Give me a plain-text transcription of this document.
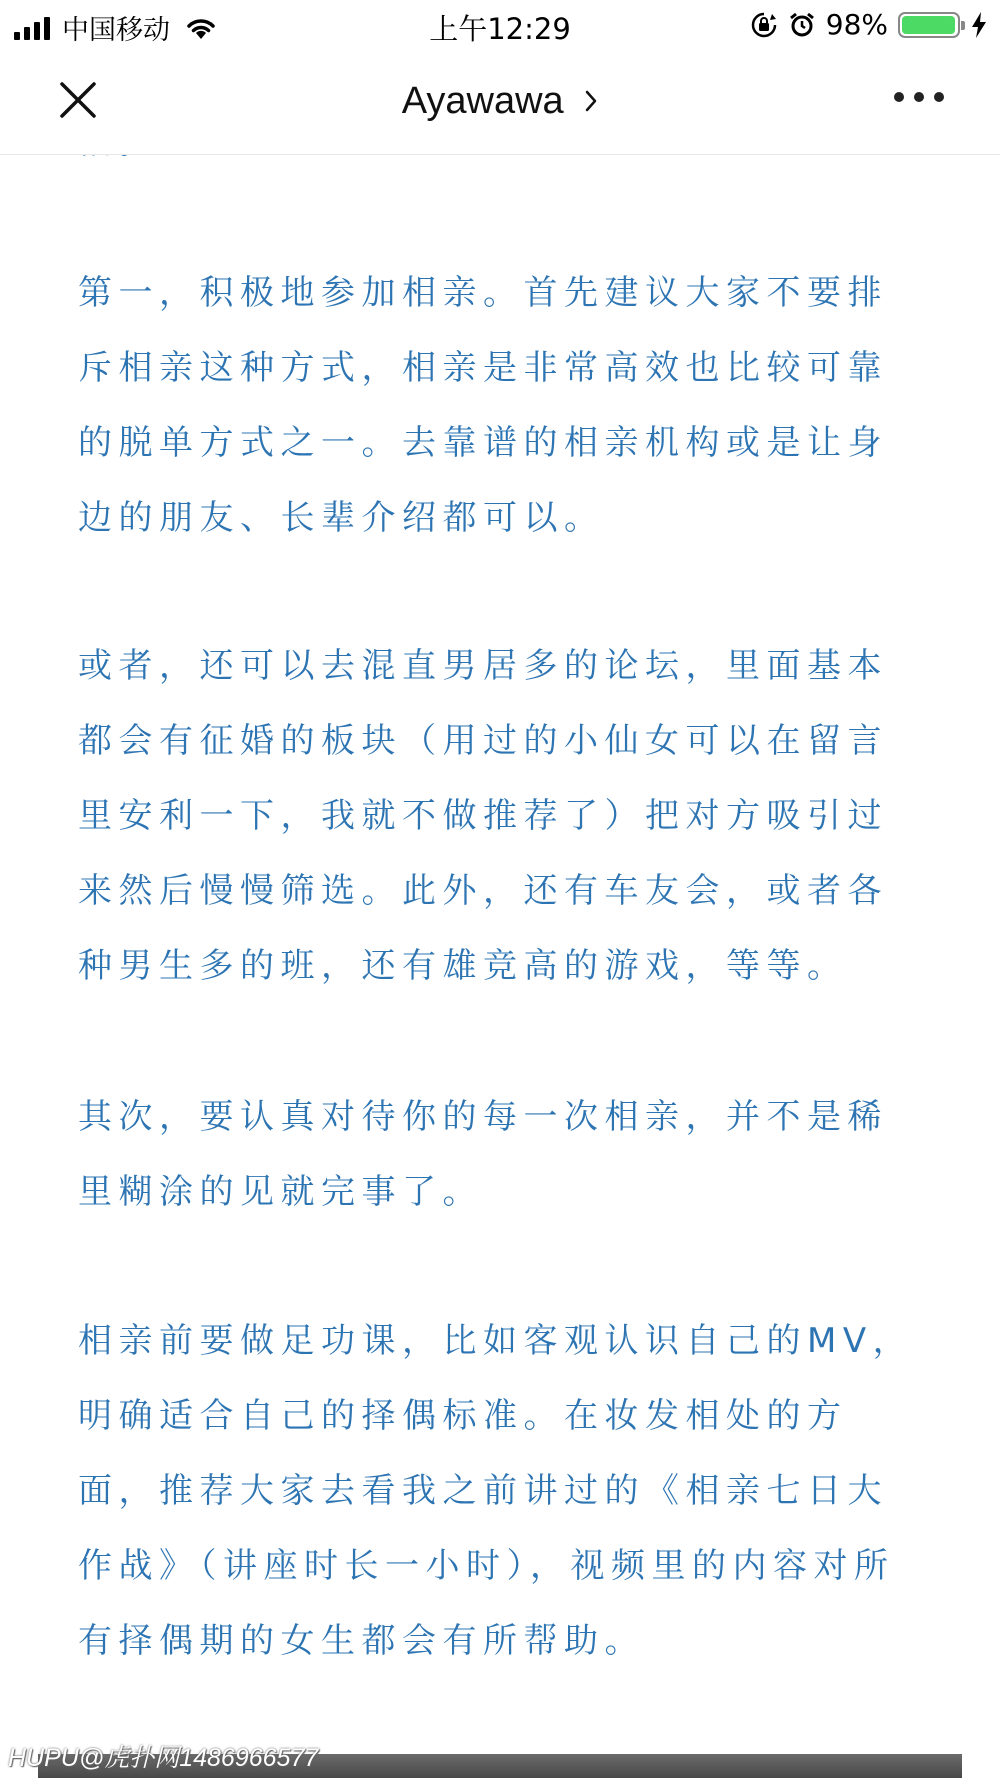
第一，积极地参加相亲。首先建议大家不要排斥相亲这种方式，相亲是非常高效也比较可靠的脱单方式之一。去靠谱的相亲机构或是让身边的朋友、长辈介绍都可以。

或者，还可以去混直男居多的论坛，里面基本都会有征婚的板块（用过的小仙女可以在留言里安利一下，我就不做推荐了）把对方吸引过来然后慢慢筛选。此外，还有车友会，或者各种男生多的班，还有雄竞高的游戏，等等。

其次，要认真对待你的每一次相亲，并不是稀里糊涂的见就完事了。

相亲前要做足功课，比如客观认识自己的MV，明确适合自己的择偶标准。在妆发相处的方面，推荐大家去看我之前讲过的《相亲七日大作战》（讲座时长一小时），视频里的内容对所有择偶期的女生都会有所帮助。

中国移动	上午12:29	98%
Ayawawa
HUPU@虎扑网1486966577
